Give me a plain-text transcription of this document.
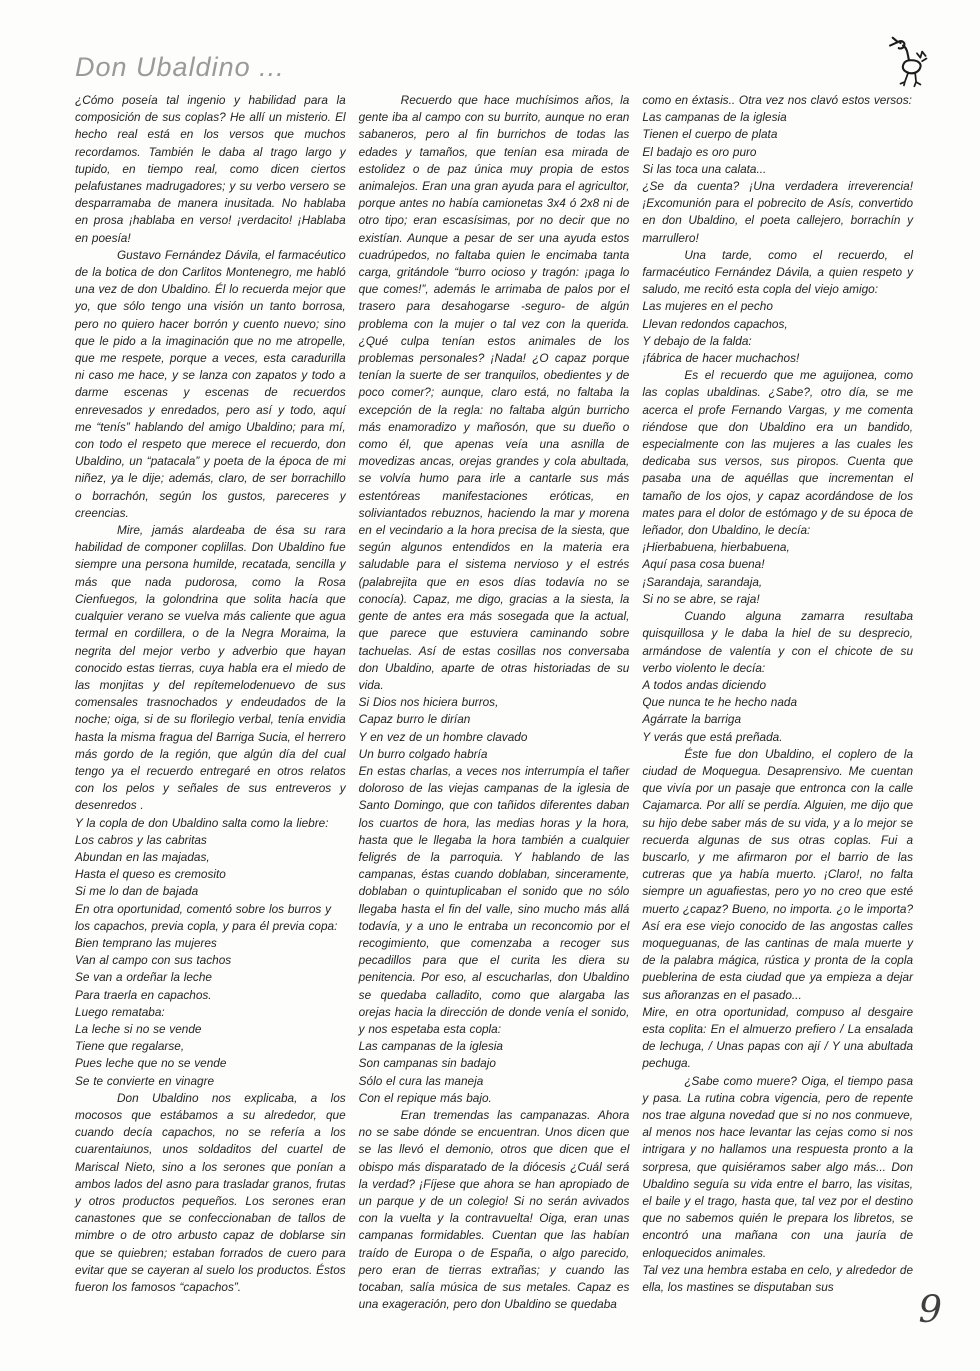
Don Ubaldino ...

¿Cómo poseía tal ingenio y habilidad para la composición de sus coplas? He allí un misterio. El hecho real está en los versos que muchos recordamos. También le daba al trago largo y tupido, en tiempo real, como dicen ciertos pelafustanes madrugadores; y su verbo versero se desparramaba de manera inusitada. No hablaba en prosa ¡hablaba en verso! ¡verdacito! ¡Hablaba en poesía!

Gustavo Fernández Dávila, el farmacéutico de la botica de don Carlitos Montenegro, me habló una vez de don Ubaldino. Él lo recuerda mejor que yo, que sólo tengo una visión un tanto borrosa, pero no quiero hacer borrón y cuento nuevo; sino que le pido a la imaginación que no me atropelle, que me respete, porque a veces, esta caradurilla ni caso me hace, y se lanza con zapatos y todo a darme escenas y escenas de recuerdos enrevesados y enredados, pero así y todo, aquí me “tenís” hablando del amigo Ubaldino; para mí, con todo el respeto que merece el recuerdo, don Ubaldino, un “patacala” y poeta de la época de mi niñez, ya le dije; además, claro, de ser borrachillo o borrachón, según los gustos, pareceres y creencias.

Mire, jamás alardeaba de ésa su rara habilidad de componer coplillas. Don Ubaldino fue siempre una persona humilde, recatada, sencilla y más que nada pudorosa, como la Rosa Cienfuegos, la golondrina que solita hacía que cualquier verano se vuelva más caliente que agua termal en cordillera, o de la Negra Moraima, la negrita del mejor verbo y adverbio que hayan conocido estas tierras, cuya habla era el miedo de las monjitas y del repítemelodenuevo de sus comensales trasnochados y endeudados de la noche; oiga, si de su florilegio verbal, tenía envidia hasta la misma fragua del Barriga Sucia, el herrero más gordo de la región, que algún día del cual tengo ya el recuerdo entregaré en otros relatos con los pelos y señales de sus entreveros y desenredos .

Y la copla de don Ubaldino salta como la liebre:

Los cabros y las cabritas

Abundan en las majadas,

Hasta el queso es cremosito

Si me lo dan de bajada

En otra oportunidad, comentó sobre los burros y los capachos, previa copla, y para él previa copa:

Bien temprano las mujeres

Van al campo con sus tachos

Se van a ordeñar la leche

Para traerla en capachos.

Luego remataba:

La leche si no se vende

Tiene que regalarse,

Pues leche que no se vende

Se te convierte en vinagre

Don Ubaldino nos explicaba, a los mocosos que estábamos a su alrededor, que cuando decía capachos, no se refería a los cuarentaiunos, unos soldaditos del cuartel de Mariscal Nieto, sino a los serones que ponían a ambos lados del asno para trasladar granos, frutas y otros productos pequeños. Los serones eran canastones que se confeccionaban de tallos de mimbre o de otro arbusto capaz de doblarse sin que se quiebren; estaban forrados de cuero para evitar que se cayeran al suelo los productos. Éstos fueron los famosos “capachos”.

Recuerdo que hace muchísimos años, la gente iba al campo con su burrito, aunque no eran sabaneros, pero al fin burrichos de todas las edades y tamaños, que tenían esa mirada de estolidez o de paz única muy propia de estos animalejos. Eran una gran ayuda para el agricultor, porque antes no había camionetas 3x4 ó 2x8 ni de otro tipo; eran escasísimas, por no decir que no existían. Aunque a pesar de ser una ayuda estos cuadrúpedos, no faltaba quien le encimaba tanta carga, gritándole “burro ocioso y tragón: ¡paga lo que comes!”, además le arrimaba de palos por el trasero para desahogarse -seguro- de algún problema con la mujer o tal vez con la querida. ¿Qué culpa tenían estos animales de los problemas personales? ¡Nada! ¿O capaz porque tenían la suerte de ser tranquilos, obedientes y de poco comer?; aunque, claro está, no faltaba la excepción de la regla: no faltaba algún burricho más enamoradizo y mañosón, que su dueño o como él, que apenas veía una asnilla de movedizas ancas, orejas grandes y cola abultada, se volvía humo para irle a cantarle sus más estentóreas manifestaciones eróticas, en soliviantados rebuznos, haciendo la mar y morena en el vecindario a la hora precisa de la siesta, que según algunos entendidos en la materia era saludable para el sistema nervioso y el estrés (palabrejita que en esos días todavía no se conocía). Capaz, me digo, gracias a la siesta, la gente de antes era más sosegada que la actual, que parece que estuviera caminando sobre tachuelas. Así de estas cosillas nos conversaba don Ubaldino, aparte de otras historiadas de su vida.

Si Dios nos hiciera burros,

Capaz burro le dirían

Y en vez de un hombre clavado

Un burro colgado habría

En estas charlas, a veces nos interrumpía el tañer doloroso de las viejas campanas de la iglesia de Santo Domingo, que con tañidos diferentes daban los cuartos de hora, las medias horas y la hora, hasta que le llegaba la hora también a cualquier feligrés de la parroquia. Y hablando de las campanas, éstas cuando doblaban, sinceramente, doblaban o quintuplicaban el sonido que no sólo llegaba hasta el fin del valle, sino mucho más allá todavía, y a uno le entraba un reconcomio por el recogimiento, que comenzaba a recoger sus pecadillos para que el curita les diera su penitencia. Por eso, al escucharlas, don Ubaldino se quedaba calladito, como que alargaba las orejas hacia la dirección de donde venía el sonido, y nos espetaba esta copla:

Las campanas de la iglesia

Son campanas sin badajo

Sólo el cura las maneja

Con el repique más bajo.

Eran tremendas las campanazas. Ahora no se sabe dónde se encuentran. Unos dicen que se las llevó el demonio, otros que dicen que el obispo más disparatado de la diócesis ¿Cuál será la verdad? ¡Fíjese que ahora se han apropiado de un parque y de un colegio! Si no serán avivados con la vuelta y la contravuelta! Oiga, eran unas campanas formidables. Cuentan que las habían traído de Europa o de España, o algo parecido, pero eran de tierras extrañas; y cuando las tocaban, salía música de sus metales. Capaz es una exageración, pero don Ubaldino se quedaba

como en éxtasis.. Otra vez nos clavó estos versos:

Las campanas de la iglesia

Tienen el cuerpo de plata

El badajo es oro puro

Si las toca una calata...

¿Se da cuenta? ¡Una verdadera irreverencia! ¡Excomunión para el pobrecito de Asís, convertido en don Ubaldino, el poeta callejero, borrachín y marrullero!

Una tarde, como el recuerdo, el farmacéutico Fernández Dávila, a quien respeto y saludo, me recitó esta copla del viejo amigo:

Las mujeres en el pecho

Llevan redondos capachos,

Y debajo de la falda:

¡fábrica de hacer muchachos!

Es el recuerdo que me aguijonea, como las coplas ubaldinas. ¿Sabe?, otro día, se me acerca el profe Fernando Vargas, y me comenta riéndose que don Ubaldino era un bandido, especialmente con las mujeres a las cuales les dedicaba sus versos, sus piropos. Cuenta que pasaba una de aquéllas que incrementan el tamaño de los ojos, y capaz acordándose de los mates para el dolor de estómago y de su época de leñador, don Ubaldino, le decía:

¡Hierbabuena, hierbabuena,

Aquí pasa cosa buena!

¡Sarandaja, sarandaja,

Si no se abre, se raja!

Cuando alguna zamarra resultaba quisquillosa y le daba la hiel de su desprecio, armándose de valentía y con el chicote de su verbo violento le decía:

A todos andas diciendo

Que nunca te he hecho nada

Agárrate la barriga

Y verás que está preñada.

Éste fue don Ubaldino, el coplero de la ciudad de Moquegua. Desaprensivo. Me cuentan que vivía por un pasaje que entronca con la calle Cajamarca. Por allí se perdía. Alguien, me dijo que su hijo debe saber más de su vida, y a lo mejor se recuerda algunas de sus otras coplas. Fui a buscarlo, y me afirmaron por el barrio de las cutreras que ya había muerto. ¡Claro!, no falta siempre un aguafiestas, pero yo no creo que esté muerto ¿capaz? Bueno, no importa. ¿o le importa? Así era ese viejo conocido de las angostas calles moqueguanas, de las cantinas de mala muerte y de la palabra mágica, rústica y pronta de la copla pueblerina de esta ciudad que ya empieza a dejar sus añoranzas en el pasado...

Mire, en otra oportunidad, compuso al desgaire esta coplita: En el almuerzo prefiero / La ensalada de lechuga, / Unas papas con ají / Y una abultada pechuga.

¿Sabe como muere? Oiga, el tiempo pasa y pasa. La rutina cobra vigencia, pero de repente nos trae alguna novedad que si no nos conmueve, al menos nos hace levantar las cejas como si nos intrigara y no hallamos una respuesta pronto a la sorpresa, que quisiéramos saber algo más... Don Ubaldino seguía su vida entre el barro, las visitas, el baile y el trago, hasta que, tal vez por el destino que no sabemos quién le prepara los libretos, se encontró una mañana con una jauría de enloquecidos animales.

Tal vez una hembra estaba en celo, y alrededor de ella, los mastines se disputaban sus

9
